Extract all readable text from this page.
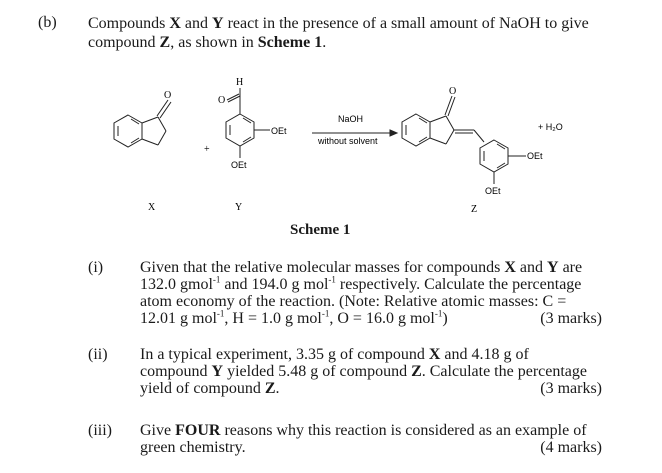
(b) Compounds X and Y react in the presence of a small amount of NaOH to give compound Z, as shown in Scheme 1.
O
H
O
OEt
OEt
+
NaOH
without solvent
O
OEt
OEt
+ H₂O
X	Y	Z
Scheme 1
(i) Given that the relative molecular masses for compounds X and Y are
132.0 gmol$^{-1}$ and 194.0 g mol$^{-1}$ respectively. Calculate the percentage
atom economy of the reaction. (Note: Relative atomic masses: C =
12.01 g mol$^{-1}$, H = 1.0 g mol$^{-1}$, O = 16.0 g mol$^{-1}$)	(3 marks)
(ii) In a typical experiment, 3.35 g of compound X and 4.18 g of
compound Y yielded 5.48 g of compound Z. Calculate the percentage
yield of compound Z.	(3 marks)
(iii) Give FOUR reasons why this reaction is considered as an example of
green chemistry.	(4 marks)
